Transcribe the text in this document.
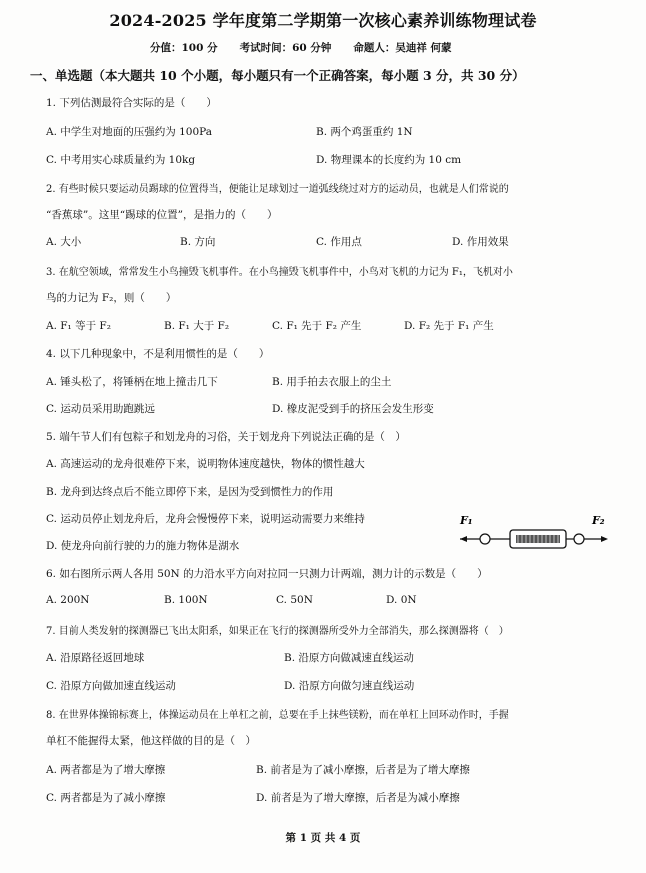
2024-2025 学年度第二学期第一次核心素养训练物理试卷
分值：100 分 考试时间：60 分钟 命题人：吴迪祥 何蒙
一、单选题（本大题共 10 个小题，每小题只有一个正确答案，每小题 3 分，共 30 分）
1. 下列估测最符合实际的是（　　）
A. 中学生对地面的压强约为 100Pa	B. 两个鸡蛋重约 1N
C. 中考用实心球质量约为 10kg	D. 物理课本的长度约为 10 cm
2. 有些时候只要运动员踢球的位置得当，便能让足球划过一道弧线绕过对方的运动员，也就是人们常说的
“香蕉球”。这里“踢球的位置”，是指力的（　　）
A. 大小	B. 方向	C. 作用点	D. 作用效果
3. 在航空领域，常常发生小鸟撞毁飞机事件。在小鸟撞毁飞机事件中，小鸟对飞机的力记为 F₁，飞机对小
鸟的力记为 F₂，则（　　）
A. F₁ 等于 F₂	B. F₁ 大于 F₂	C. F₁ 先于 F₂ 产生	D. F₂ 先于 F₁ 产生
4. 以下几种现象中，不是利用惯性的是（　　）
A. 锤头松了，将锤柄在地上撞击几下	B. 用手拍去衣服上的尘土
C. 运动员采用助跑跳远	D. 橡皮泥受到手的挤压会发生形变
5. 端午节人们有包粽子和划龙舟的习俗，关于划龙舟下列说法正确的是（　）
A. 高速运动的龙舟很难停下来，说明物体速度越快，物体的惯性越大
B. 龙舟到达终点后不能立即停下来，是因为受到惯性力的作用
C. 运动员停止划龙舟后，龙舟会慢慢停下来，说明运动需要力来维持
D. 使龙舟向前行驶的力的施力物体是湖水
F₁	F₂
6. 如右图所示两人各用 50N 的力沿水平方向对拉同一只测力计两端，测力计的示数是（　　）
A. 200N	B. 100N	C. 50N	D. 0N
7. 目前人类发射的探测器已飞出太阳系，如果正在飞行的探测器所受外力全部消失，那么探测器将（　）
A. 沿原路径返回地球	B. 沿原方向做减速直线运动
C. 沿原方向做加速直线运动	D. 沿原方向做匀速直线运动
8. 在世界体操锦标赛上，体操运动员在上单杠之前，总要在手上抹些镁粉，而在单杠上回环动作时，手握
单杠不能握得太紧，他这样做的目的是（　）
A. 两者都是为了增大摩擦	B. 前者是为了减小摩擦，后者是为了增大摩擦
C. 两者都是为了减小摩擦	D. 前者是为了增大摩擦，后者是为减小摩擦
第 1 页 共 4 页
